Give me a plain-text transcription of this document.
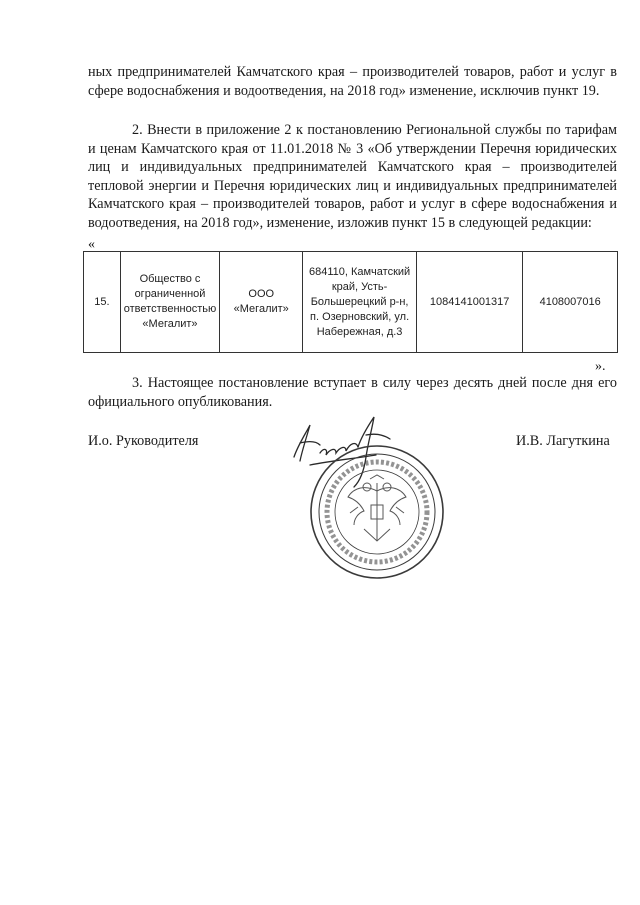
ных предпринимателей Камчатского края – производителей товаров, работ и услуг в сфере водоснабжения и водоотведения, на 2018 год» изменение, исключив пункт 19.

2. Внести в приложение 2 к постановлению Региональной службы по тарифам и ценам Камчатского края от 11.01.2018 № 3 «Об утверждении Перечня юридических лиц и индивидуальных предпринимателей Камчатского края – производителей тепловой энергии и Перечня юридических лиц и индивидуальных предпринимателей Камчатского края – производителей товаров, работ и услуг в сфере водоснабжения и водоотведения, на 2018 год», изменение, изложив пункт 15 в следующей редакции:

«
15.	Общество с ограниченной ответственностью «Мегалит»	ООО «Мегалит»	684110, Камчатский край, Усть-Большерецкий р-н, п. Озерновский, ул. Набережная, д.3	1084141001317	4108007016
».

3. Настоящее постановление вступает в силу через десять дней после дня его официального опубликования.

И.о. Руководителя	И.В. Лагуткина
